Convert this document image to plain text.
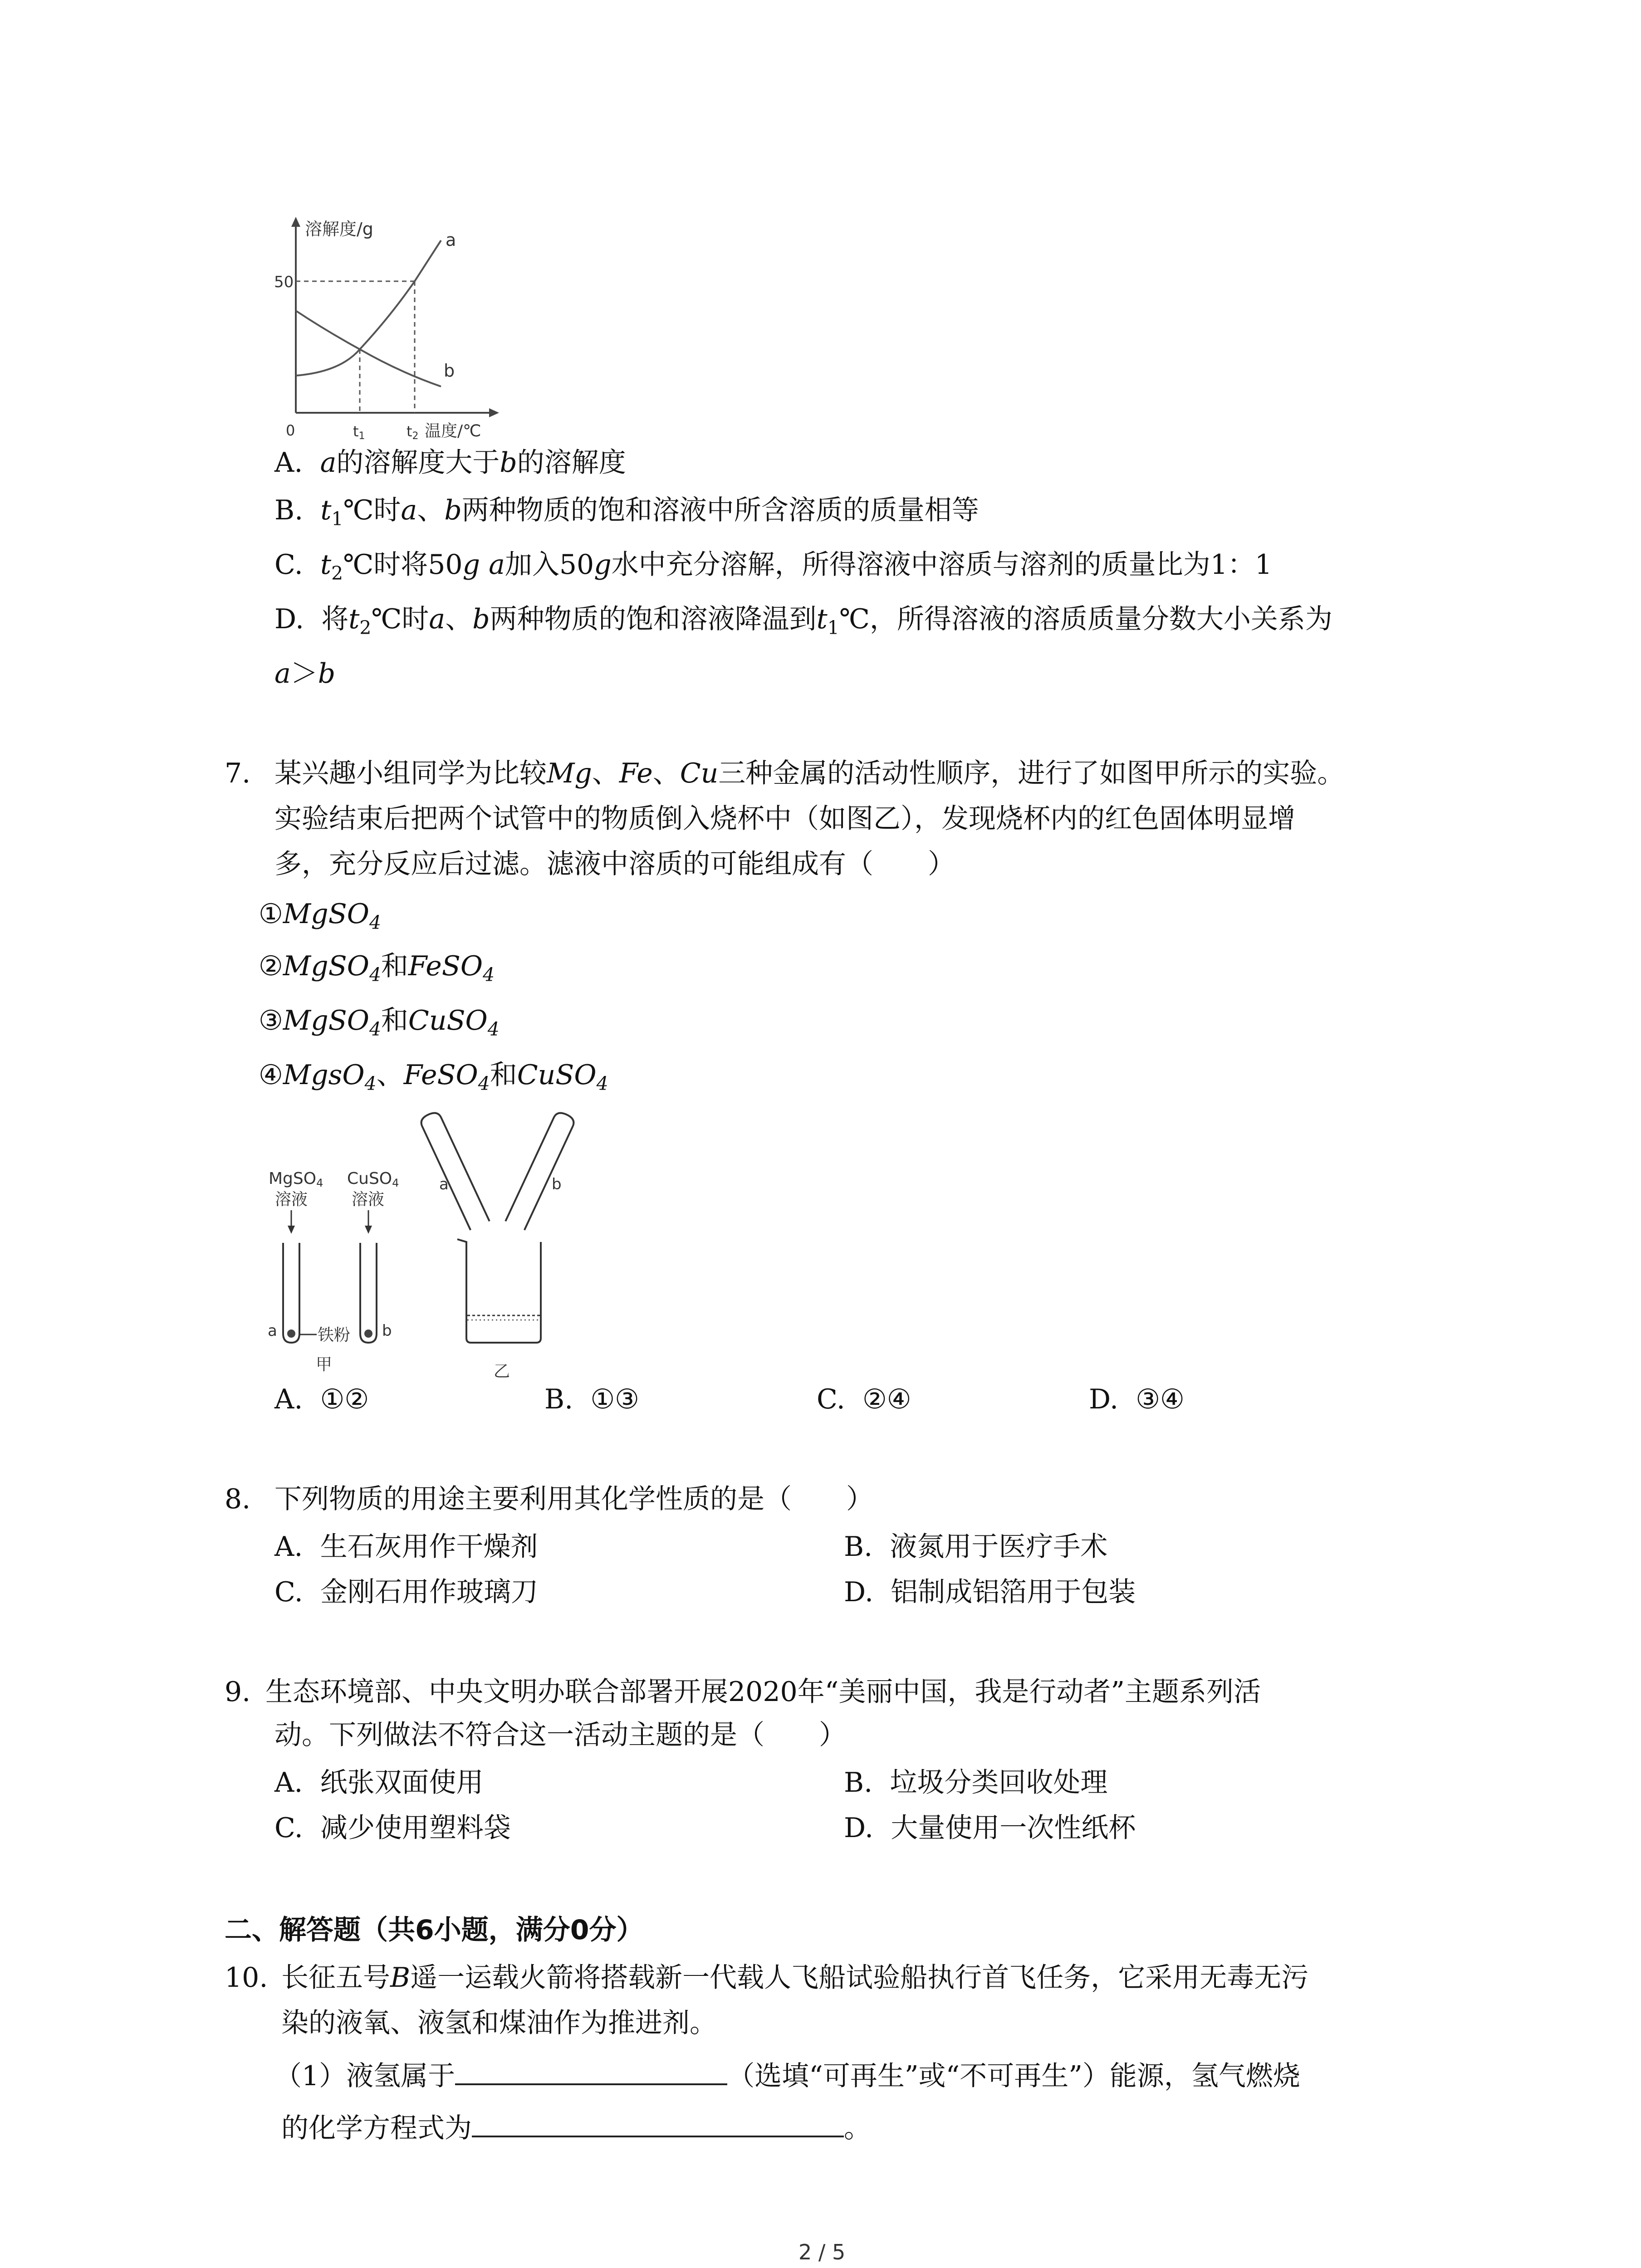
溶解度/g
50
0	t1	t2 温度/℃
a
b
A. a的溶解度大于b的溶解度
B. $t_1℃$时a、b两种物质的饱和溶液中所含溶质的质量相等
C. $t_2℃$时将50g a加入50g水中充分溶解，所得溶液中溶质与溶剂的质量比为1：1
D. 将$t_2℃$时a、b两种物质的饱和溶液降温到$t_1℃$，所得溶液的溶质质量分数大小关系为
a＞b
7. 某兴趣小组同学为比较Mg、Fe、Cu三种金属的活动性顺序，进行了如图甲所示的实验。
实验结束后把两个试管中的物质倒入烧杯中（如图乙），发现烧杯内的红色固体明显增
多，充分反应后过滤。滤液中溶质的可能组成有（　　）
①MgSO$_4$
②MgSO$_4$和FeSO$_4$
③MgSO$_4$和CuSO$_4$
④MgsO$_4$、FeSO$_4$和CuSO$_4$
MgSO4
溶液
CuSO4
溶液
a	b
铁粉
甲
a	b
乙
A. ①②	B. ①③	C. ②④	D. ③④
8. 下列物质的用途主要利用其化学性质的是（　　）
A. 生石灰用作干燥剂	B. 液氮用于医疗手术
C. 金刚石用作玻璃刀	D. 铝制成铝箔用于包装
9. 生态环境部、中央文明办联合部署开展2020年“美丽中国，我是行动者”主题系列活
动。下列做法不符合这一活动主题的是（　　）
A. 纸张双面使用	B. 垃圾分类回收处理
C. 减少使用塑料袋	D. 大量使用一次性纸杯
二、解答题（共6小题，满分0分）
10. 长征五号B遥一运载火箭将搭载新一代载人飞船试验船执行首飞任务，它采用无毒无污
染的液氧、液氢和煤油作为推进剂。
（1）液氢属于	（选填“可再生”或“不可再生”）能源，氢气燃烧
的化学方程式为	。
2 / 5
